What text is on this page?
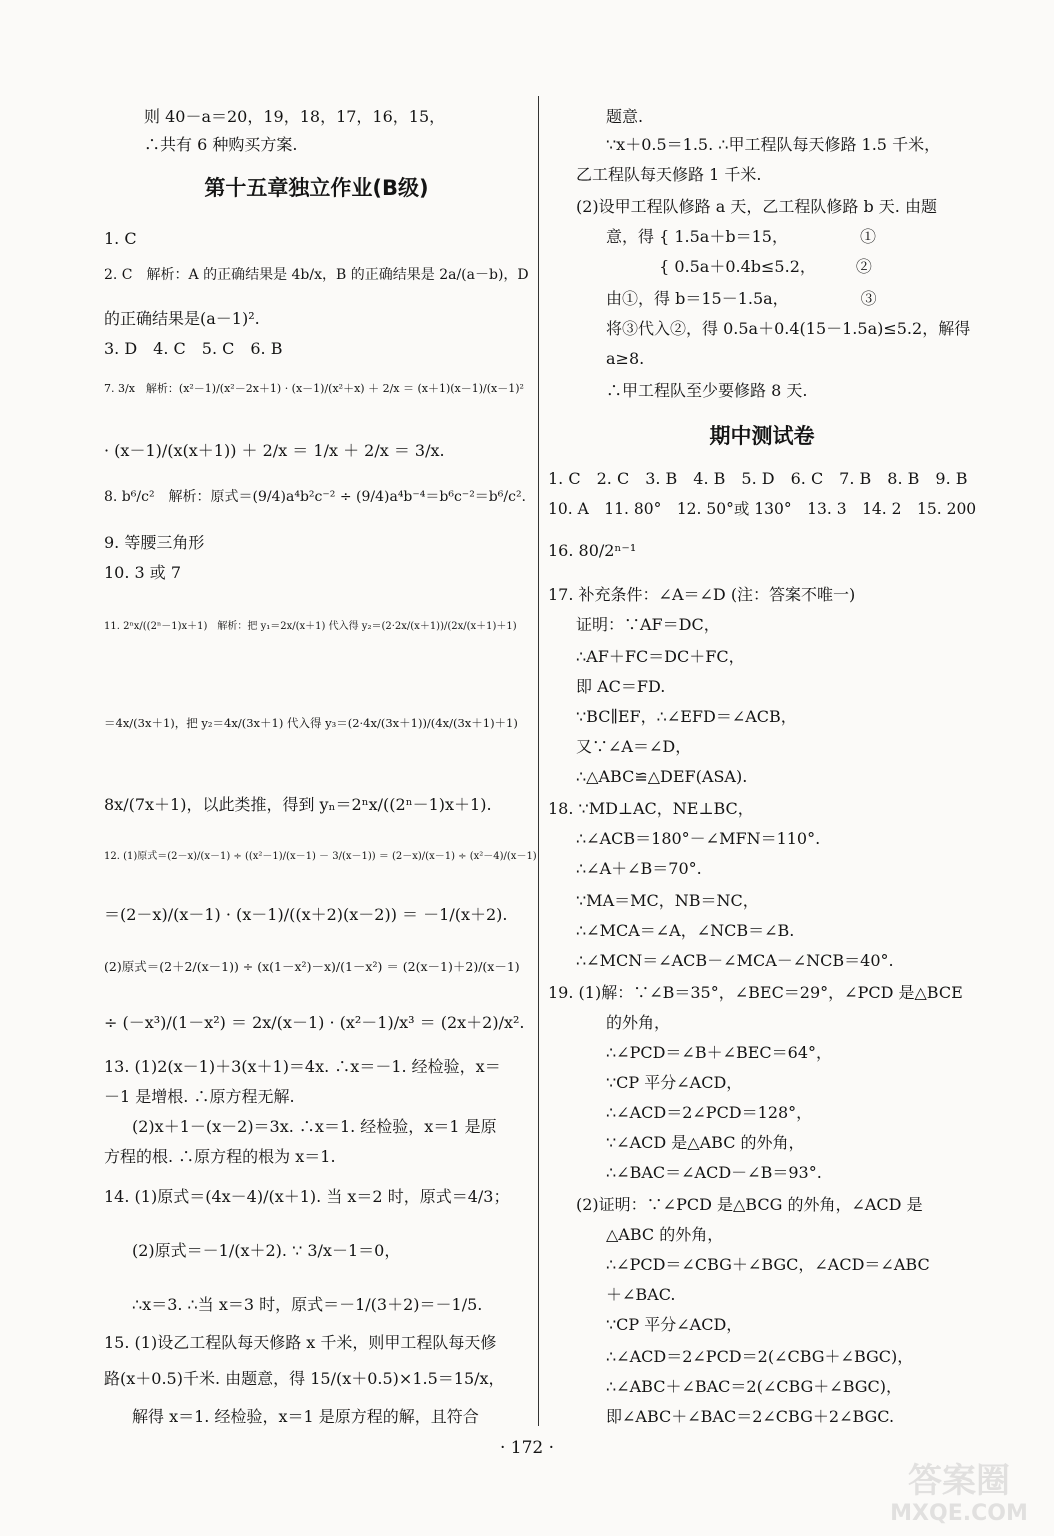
第十五章独立作业(B级)
则 40－a＝20，19，18，17，16，15，
∴共有 6 种购买方案.
1. C
2. C　解析：A 的正确结果是 4b/x，B 的正确结果是 2a/(a－b)，D
的正确结果是(a－1)².
3. D　4. C　5. C　6. B
7. 3/x　解析：(x²－1)/(x²－2x＋1) · (x－1)/(x²＋x) ＋ 2/x ＝ (x＋1)(x－1)/(x－1)²
· (x－1)/(x(x＋1)) ＋ 2/x ＝ 1/x ＋ 2/x ＝ 3/x.
8. b⁶/c²　解析：原式＝(9/4)a⁴b²c⁻² ÷ (9/4)a⁴b⁻⁴＝b⁶c⁻²＝b⁶/c².
9. 等腰三角形
10. 3 或 7
11. 2ⁿx/((2ⁿ－1)x＋1)　解析：把 y₁＝2x/(x＋1) 代入得 y₂＝(2·2x/(x＋1))/(2x/(x＋1)＋1)
＝4x/(3x＋1)，把 y₂＝4x/(3x＋1) 代入得 y₃＝(2·4x/(3x＋1))/(4x/(3x＋1)＋1)
8x/(7x＋1)，以此类推，得到 yₙ＝2ⁿx/((2ⁿ－1)x＋1).
12. (1)原式＝(2－x)/(x－1) ÷ ((x²－1)/(x－1) － 3/(x－1)) ＝ (2－x)/(x－1) ÷ (x²－4)/(x－1)
＝(2－x)/(x－1) · (x－1)/((x＋2)(x－2)) ＝ －1/(x＋2).
(2)原式＝(2＋2/(x－1)) ÷ (x(1－x²)－x)/(1－x²) ＝ (2(x－1)＋2)/(x－1)
÷ (－x³)/(1－x²) ＝ 2x/(x－1) · (x²－1)/x³ ＝ (2x＋2)/x².
13. (1)2(x－1)＋3(x＋1)＝4x. ∴x＝－1. 经检验，x＝
－1 是增根. ∴原方程无解.
(2)x＋1－(x－2)＝3x. ∴x＝1. 经检验，x＝1 是原
方程的根. ∴原方程的根为 x＝1.
14. (1)原式＝(4x－4)/(x＋1). 当 x＝2 时，原式＝4/3；
(2)原式＝－1/(x＋2). ∵ 3/x－1＝0，
∴x＝3. ∴当 x＝3 时，原式＝－1/(3＋2)＝－1/5.
15. (1)设乙工程队每天修路 x 千米，则甲工程队每天修
路(x＋0.5)千米. 由题意，得 15/(x＋0.5)×1.5＝15/x，
解得 x＝1. 经检验，x＝1 是原方程的解，且符合
期中测试卷
题意.
∵x＋0.5＝1.5. ∴甲工程队每天修路 1.5 千米，
乙工程队每天修路 1 千米.
(2)设甲工程队修路 a 天，乙工程队修路 b 天. 由题
意，得 { 1.5a＋b＝15，　　　　　①
　　　 { 0.5a＋0.4b≤5.2，　　　②
由①，得 b＝15－1.5a，　　　　　③
将③代入②，得 0.5a＋0.4(15－1.5a)≤5.2，解得
a≥8.
∴甲工程队至少要修路 8 天.
1. C　2. C　3. B　4. B　5. D　6. C　7. B　8. B　9. B
10. A　11. 80°　12. 50°或 130°　13. 3　14. 2　15. 200
16. 80/2ⁿ⁻¹
17. 补充条件：∠A＝∠D (注：答案不唯一)
证明：∵AF＝DC，
∴AF＋FC＝DC＋FC，
即 AC＝FD.
∵BC∥EF，∴∠EFD＝∠ACB，
又∵∠A＝∠D，
∴△ABC≌△DEF(ASA).
18. ∵MD⊥AC，NE⊥BC，
∴∠ACB＝180°－∠MFN＝110°.
∴∠A＋∠B＝70°.
∵MA＝MC，NB＝NC，
∴∠MCA＝∠A，∠NCB＝∠B.
∴∠MCN＝∠ACB－∠MCA－∠NCB＝40°.
19. (1)解：∵∠B＝35°，∠BEC＝29°，∠PCD 是△BCE
的外角，
∴∠PCD＝∠B＋∠BEC＝64°，
∵CP 平分∠ACD，
∴∠ACD＝2∠PCD＝128°，
∵∠ACD 是△ABC 的外角，
∴∠BAC＝∠ACD－∠B＝93°.
(2)证明：∵∠PCD 是△BCG 的外角，∠ACD 是
△ABC 的外角，
∴∠PCD＝∠CBG＋∠BGC，∠ACD＝∠ABC
＋∠BAC.
∵CP 平分∠ACD，
∴∠ACD＝2∠PCD＝2(∠CBG＋∠BGC)，
∴∠ABC＋∠BAC＝2(∠CBG＋∠BGC)，
即∠ABC＋∠BAC＝2∠CBG＋2∠BGC.
· 172 ·
答案圈
MXQE.COM
